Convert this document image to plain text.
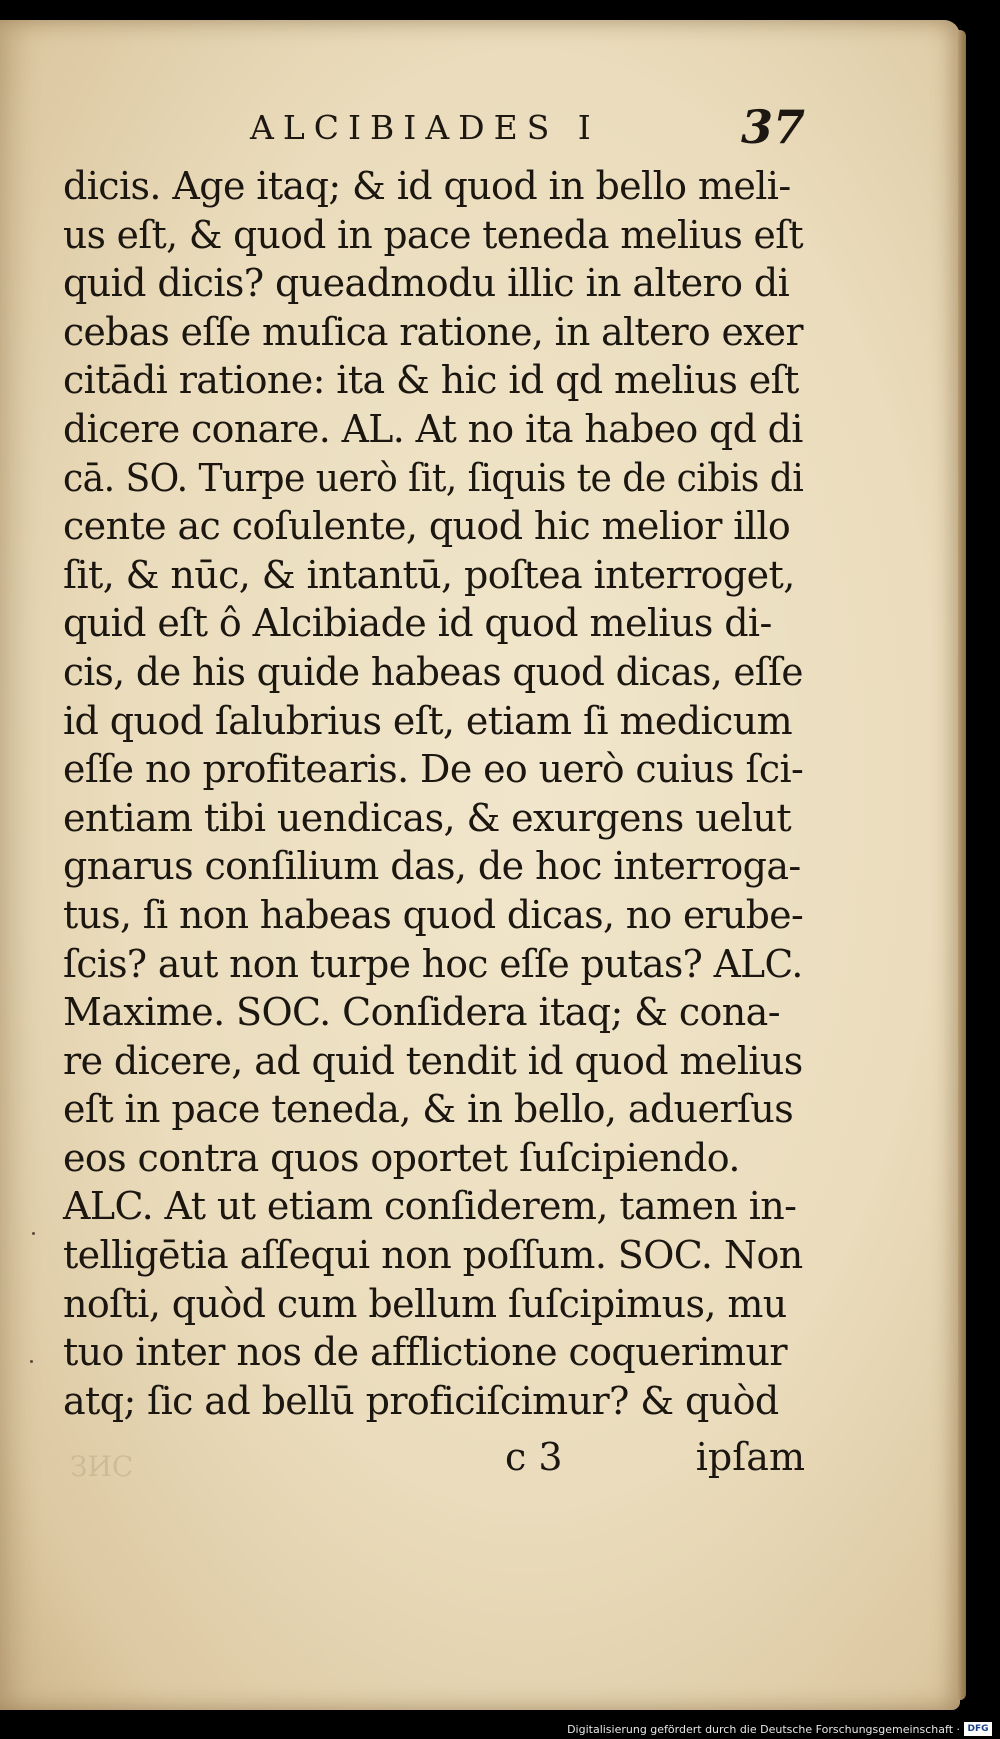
ALCIBIADES I	37
dicis. Age itaq; & id quod in bello meli-
us eſt, & quod in pace teneda melius eſt
quid dicis? queadmodu illic in altero di
cebas eſſe muſica ratione, in altero exer
citādi ratione: ita & hic id qd melius eſt
dicere conare. AL. At no ita habeo qd di
cā. SO. Turpe uerò ſit, ſiquis te de cibis di
cente ac coſulente, quod hic melior illo
ſit, & nūc, & intantū, poſtea interroget,
quid eſt ô Alcibiade id quod melius di-
cis, de his quide habeas quod dicas, eſſe
id quod ſalubrius eſt, etiam ſi medicum
eſſe no profitearis. De eo uerò cuius ſci-
entiam tibi uendicas, & exurgens uelut
gnarus conſilium das, de hoc interroga-
tus, ſi non habeas quod dicas, no erube-
ſcis? aut non turpe hoc eſſe putas? ALC.
Maxime. SOC. Conſidera itaq; & cona-
re dicere, ad quid tendit id quod melius
eſt in pace teneda, & in bello, aduerſus
eos contra quos oportet ſuſcipiendo.
ALC. At ut etiam conſiderem, tamen in-
telligētia aſſequi non poſſum. SOC. Non
noſti, quòd cum bellum ſuſcipimus, mu
tuo inter nos de afflictione coquerimur
atq; ſic ad bellū proficiſcimur? & quòd
ЗИС	c 3	ipſam
Digitalisierung gefördert durch die Deutsche Forschungsgemeinschaft · DFG
